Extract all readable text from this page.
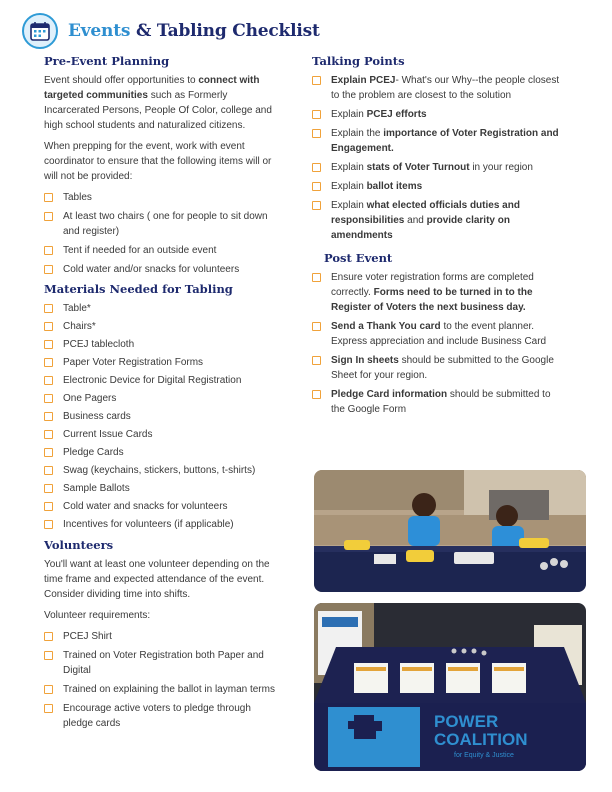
Events & Tabling Checklist
Pre-Event Planning

Event should offer opportunities to connect with targeted communities such as Formerly Incarcerated Persons, People Of Color, college and high school students and naturalized citizens.

When prepping for the event, work with event coordinator to ensure that the following items will or will not be provided:

Tables
At least two chairs ( one for people to sit down and register)
Tent if needed for an outside event
Cold water and/or snacks for volunteers
Materials Needed for Tabling
Table*
Chairs*
PCEJ tablecloth
Paper Voter Registration Forms
Electronic Device for Digital Registration
One Pagers
Business cards
Current Issue Cards
Pledge Cards
Swag (keychains, stickers, buttons, t-shirts)
Sample Ballots
Cold water and snacks for volunteers
Incentives for volunteers (if applicable)
Volunteers

You'll want at least one volunteer depending on the time frame and expected attendance of the event. Consider dividing time into shifts.

Volunteer requirements:

PCEJ Shirt
Trained on Voter Registration both Paper and Digital
Trained on explaining the ballot in layman terms
Encourage active voters to pledge through pledge cards
Talking Points
Explain PCEJ- What's our Why--the people closest to the problem are closest to the solution
Explain PCEJ efforts
Explain the importance of Voter Registration and Engagement.
Explain stats of Voter Turnout in your region
Explain ballot items
Explain what elected officials duties and responsibilities and provide clarity on amendments
Post Event
Ensure voter registration forms are completed correctly. Forms need to be turned in to the Register of Voters the next business day.
Send a Thank You card to the event planner. Express appreciation and include Business Card
Sign In sheets should be submitted to the Google Sheet for your region.
Pledge Card information should be submitted to the Google Form
POWER
COALITION
for Equity & Justice
